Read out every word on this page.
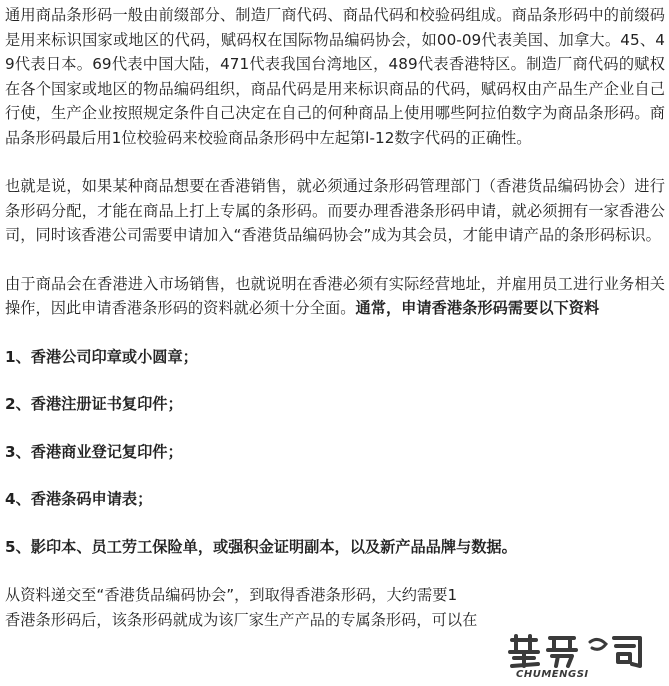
通用商品条形码一般由前缀部分、制造厂商代码、商品代码和校验码组成。商品条形码中的前缀码是用来标识国家或地区的代码，赋码权在国际物品编码协会，如00-09代表美国、加拿大。45、49代表日本。69代表中国大陆，471代表我国台湾地区，489代表香港特区。制造厂商代码的赋权在各个国家或地区的物品编码组织，商品代码是用来标识商品的代码，赋码权由产品生产企业自己行使，生产企业按照规定条件自己决定在自己的何种商品上使用哪些阿拉伯数字为商品条形码。商品条形码最后用1位校验码来校验商品条形码中左起第l-12数字代码的正确性。

也就是说，如果某种商品想要在香港销售，就必须通过条形码管理部门（香港货品编码协会）进行条形码分配，才能在商品上打上专属的条形码。而要办理香港条形码申请，就必须拥有一家香港公司，同时该香港公司需要申请加入“香港货品编码协会”成为其会员，才能申请产品的条形码标识。

由于商品会在香港进入市场销售，也就说明在香港必须有实际经营地址，并雇用员工进行业务相关操作，因此申请香港条形码的资料就必须十分全面。通常，申请香港条形码需要以下资料

1、香港公司印章或小圆章；

2、香港注册证书复印件；

3、香港商业登记复印件；

4、香港条码申请表；

5、影印本、员工劳工保险单，或强积金证明副本，以及新产品品牌与数据。

从资料递交至“香港货品编码协会”，到取得香港条形码，大约需要1
香港条形码后，该条形码就成为该厂家生产产品的专属条形码，可以在

CHUMENGSI
